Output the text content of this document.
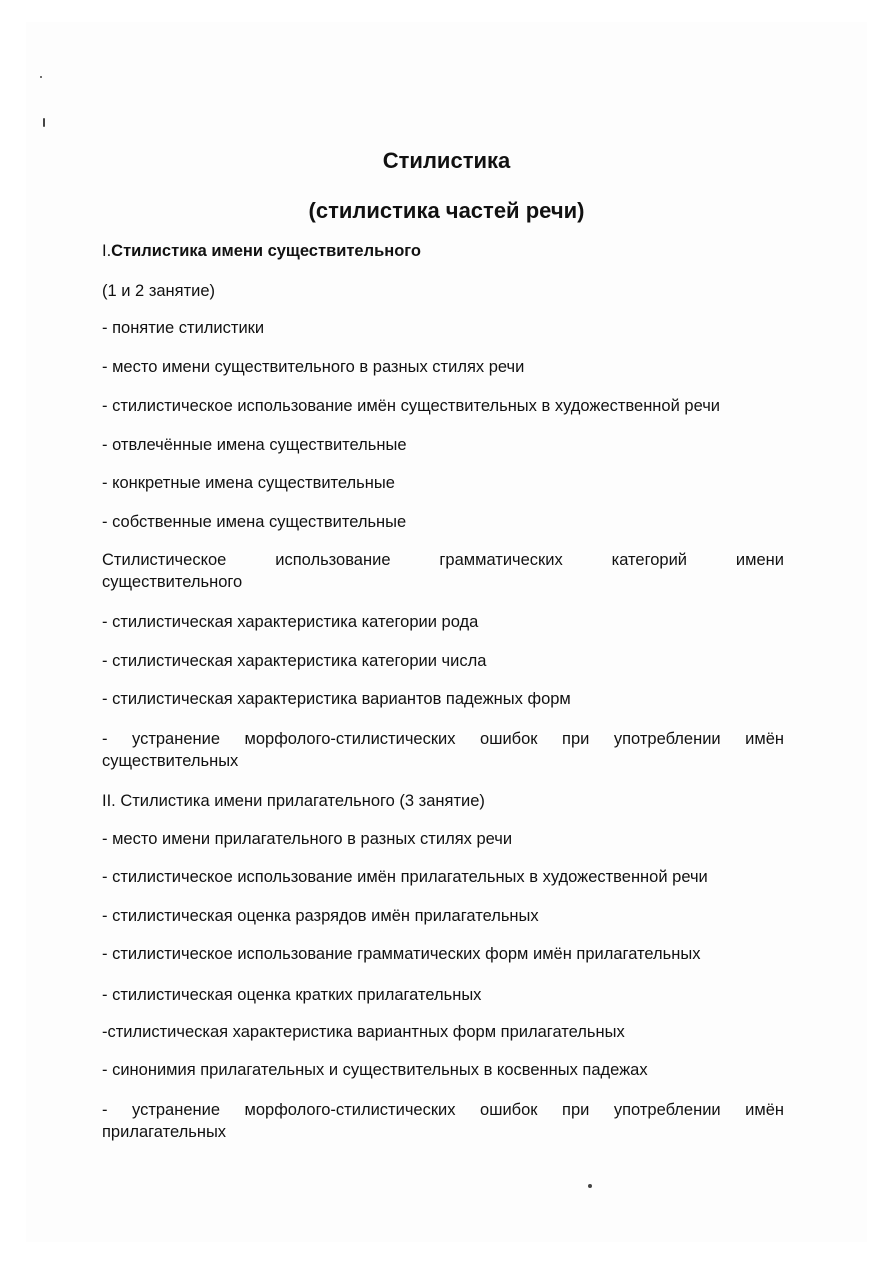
Стилистика
(стилистика частей речи)
I.Стилистика имени существительного
(1 и 2 занятие)
- понятие стилистики
- место имени существительного в разных стилях речи
- стилистическое использование имён существительных в художественной речи
- отвлечённые имена существительные
- конкретные имена существительные
- собственные имена существительные
Стилистическое использование грамматических категорий имени
существительного
- стилистическая характеристика категории рода
- стилистическая характеристика категории числа
- стилистическая характеристика вариантов падежных форм
- устранение морфолого-стилистических ошибок при употреблении имён
существительных
II. Стилистика имени прилагательного (3 занятие)
- место имени прилагательного в разных стилях речи
- стилистическое использование имён прилагательных в художественной речи
- стилистическая оценка разрядов имён прилагательных
- стилистическое использование грамматических форм имён прилагательных
- стилистическая оценка кратких прилагательных
-стилистическая характеристика вариантных форм прилагательных
- синонимия прилагательных и существительных в косвенных падежах
- устранение морфолого-стилистических ошибок при употреблении имён
прилагательных
